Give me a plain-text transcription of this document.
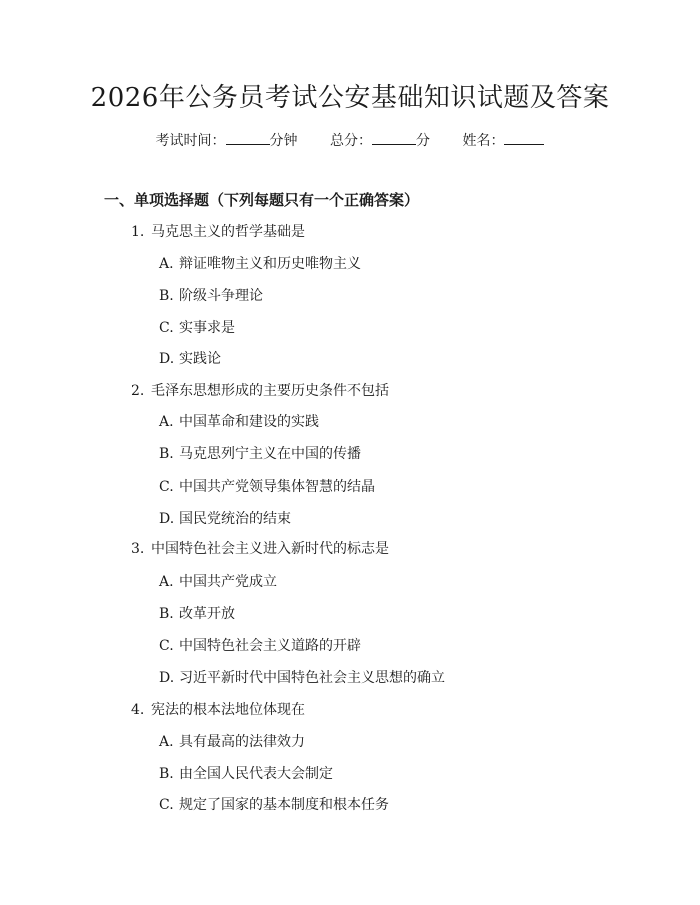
2026年公务员考试公安基础知识试题及答案
考试时间：	分钟 总分：	分 姓名：
一、单项选择题（下列每题只有一个正确答案）
1. 马克思主义的哲学基础是
A. 辩证唯物主义和历史唯物主义
B. 阶级斗争理论
C. 实事求是
D. 实践论
2. 毛泽东思想形成的主要历史条件不包括
A. 中国革命和建设的实践
B. 马克思列宁主义在中国的传播
C. 中国共产党领导集体智慧的结晶
D. 国民党统治的结束
3. 中国特色社会主义进入新时代的标志是
A. 中国共产党成立
B. 改革开放
C. 中国特色社会主义道路的开辟
D. 习近平新时代中国特色社会主义思想的确立
4. 宪法的根本法地位体现在
A. 具有最高的法律效力
B. 由全国人民代表大会制定
C. 规定了国家的基本制度和根本任务
